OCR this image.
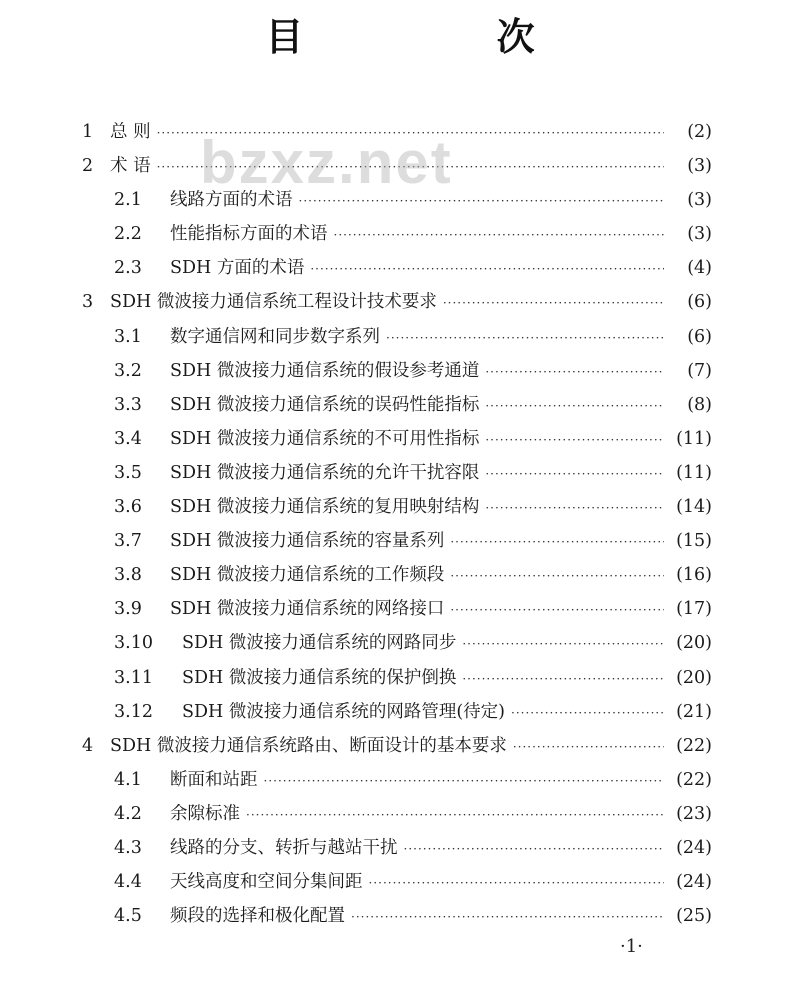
目 次
bzxz.net
1 总 则 ·····	(2)
2 术 语 ·····	(3)
2.1	线路方面的术语 ·····	(3)
2.2	性能指标方面的术语 ·····	(3)
2.3	SDH 方面的术语 ·····	(4)
3 SDH 微波接力通信系统工程设计技术要求 ·····	(6)
3.1	数字通信网和同步数字系列 ·····	(6)
3.2	SDH 微波接力通信系统的假设参考通道 ·····	(7)
3.3	SDH 微波接力通信系统的误码性能指标 ·····	(8)
3.4	SDH 微波接力通信系统的不可用性指标 ·····	(11)
3.5	SDH 微波接力通信系统的允许干扰容限 ·····	(11)
3.6	SDH 微波接力通信系统的复用映射结构 ·····	(14)
3.7	SDH 微波接力通信系统的容量系列 ·····	(15)
3.8	SDH 微波接力通信系统的工作频段 ·····	(16)
3.9	SDH 微波接力通信系统的网络接口 ·····	(17)
3.10	SDH 微波接力通信系统的网路同步 ·····	(20)
3.11	SDH 微波接力通信系统的保护倒换 ·····	(20)
3.12	SDH 微波接力通信系统的网路管理(待定) ·····	(21)
4 SDH 微波接力通信系统路由、断面设计的基本要求 ·····	(22)
4.1	断面和站距 ·····	(22)
4.2	余隙标准 ·····	(23)
4.3	线路的分支、转折与越站干扰 ·····	(24)
4.4	天线高度和空间分集间距 ·····	(24)
4.5	频段的选择和极化配置 ·····	(25)
·1·
